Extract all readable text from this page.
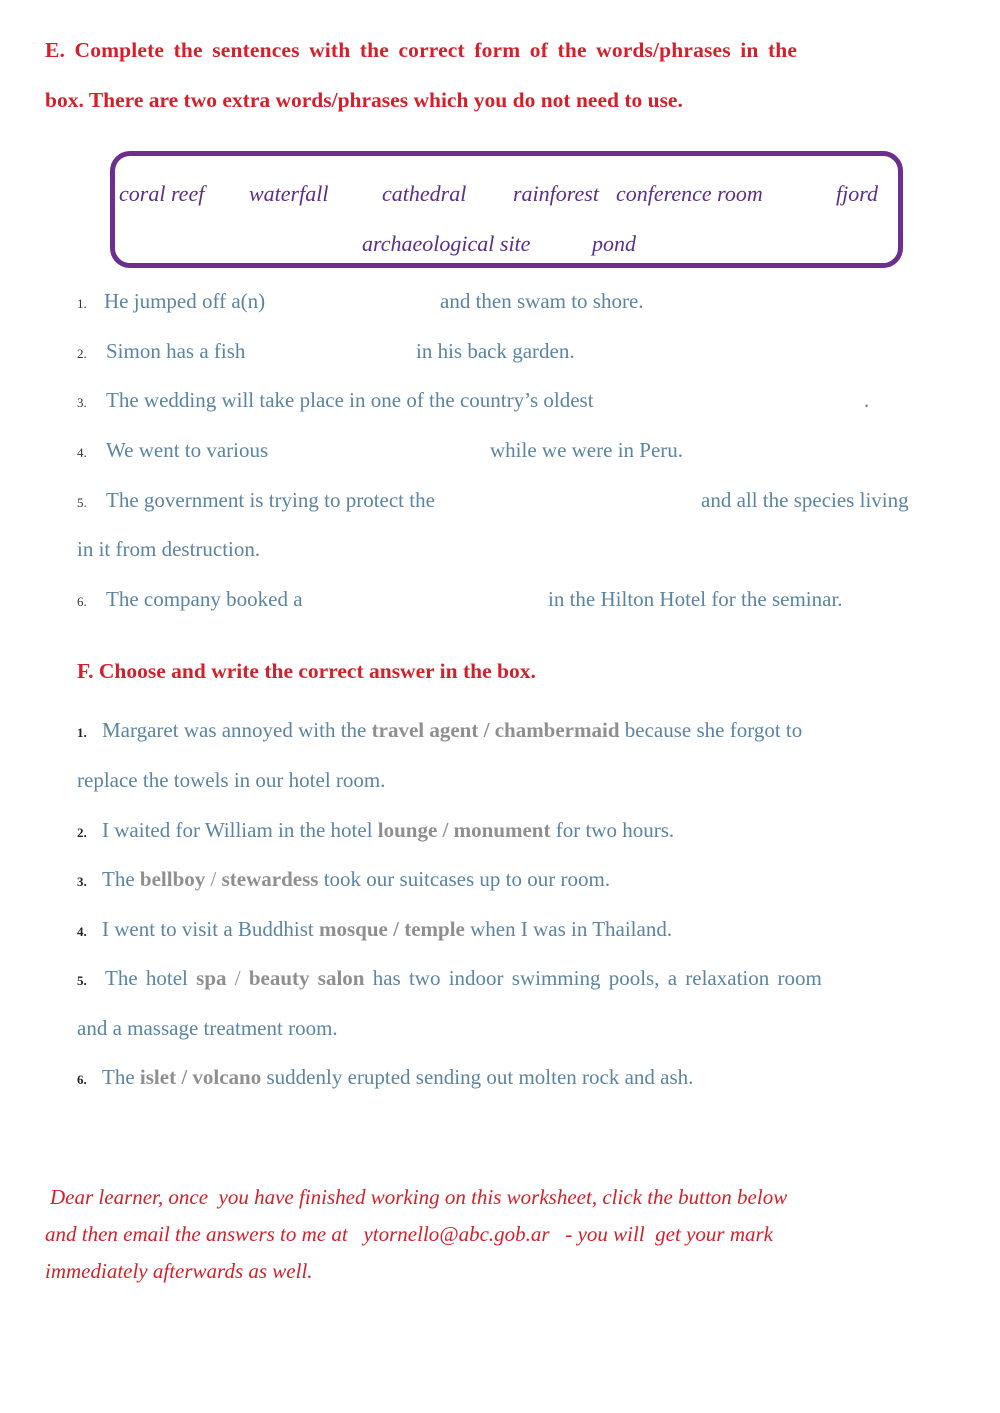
E. Complete the sentences with the correct form of the words/phrases in the
box. There are two extra words/phrases which you do not need to use.
coral reef waterfall cathedral rainforest conference room	fjord
archaeological site	pond
1. He jumped off a(n)	and then swam to shore.
2. Simon has a fish	in his back garden.
3. The wedding will take place in one of the country’s oldest	.
4. We went to various	while we were in Peru.
5. The government is trying to protect the	and all the species living
in it from destruction.
6. The company booked a	in the Hilton Hotel for the seminar.
F. Choose and write the correct answer in the box.
1. Margaret was annoyed with the travel agent / chambermaid because she forgot to
replace the towels in our hotel room.
2. I waited for William in the hotel lounge / monument for two hours.
3. The bellboy / stewardess took our suitcases up to our room.
4. I went to visit a Buddhist mosque / temple when I was in Thailand.
5. The hotel spa / beauty salon has two indoor swimming pools, a relaxation room
and a massage treatment room.
6. The islet / volcano suddenly erupted sending out molten rock and ash.
Dear learner, once  you have finished working on this worksheet, click the button below
and then email the answers to me at   ytornello@abc.gob.ar   - you will  get your mark
immediately afterwards as well.
